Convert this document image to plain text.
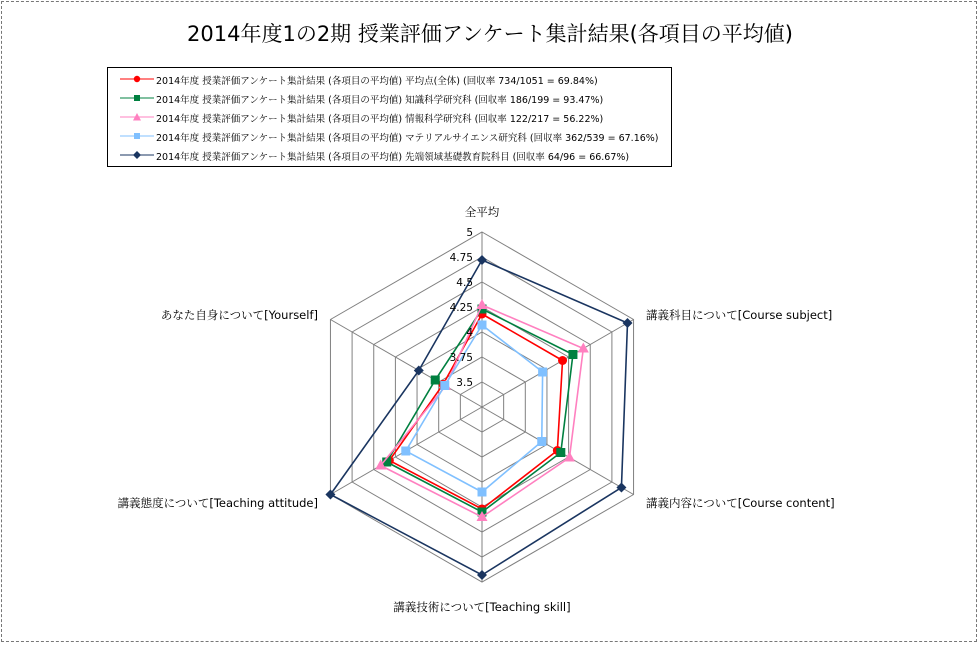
2014年度1の2期 授業評価アンケート集計結果(各項目の平均値)
2014年度 授業評価アンケート集計結果 (各項目の平均値) 平均点(全体) (回収率 734/1051 = 69.84%)
2014年度 授業評価アンケート集計結果 (各項目の平均値) 知識科学研究科 (回収率 186/199 = 93.47%)
2014年度 授業評価アンケート集計結果 (各項目の平均値) 情報科学研究科 (回収率 122/217 = 56.22%)
2014年度 授業評価アンケート集計結果 (各項目の平均値) マテリアルサイエンス研究科 (回収率 362/539 = 67.16%)
2014年度 授業評価アンケート集計結果 (各項目の平均値) 先端領域基礎教育院科目 (回収率 64/96 = 66.67%)
3.5
3.75
4
4.25
4.5
4.75
5
全平均
講義科目について[Course subject]
講義内容について[Course content]
講義技術について[Teaching skill]
講義態度について[Teaching attitude]
あなた自身について[Yourself]
